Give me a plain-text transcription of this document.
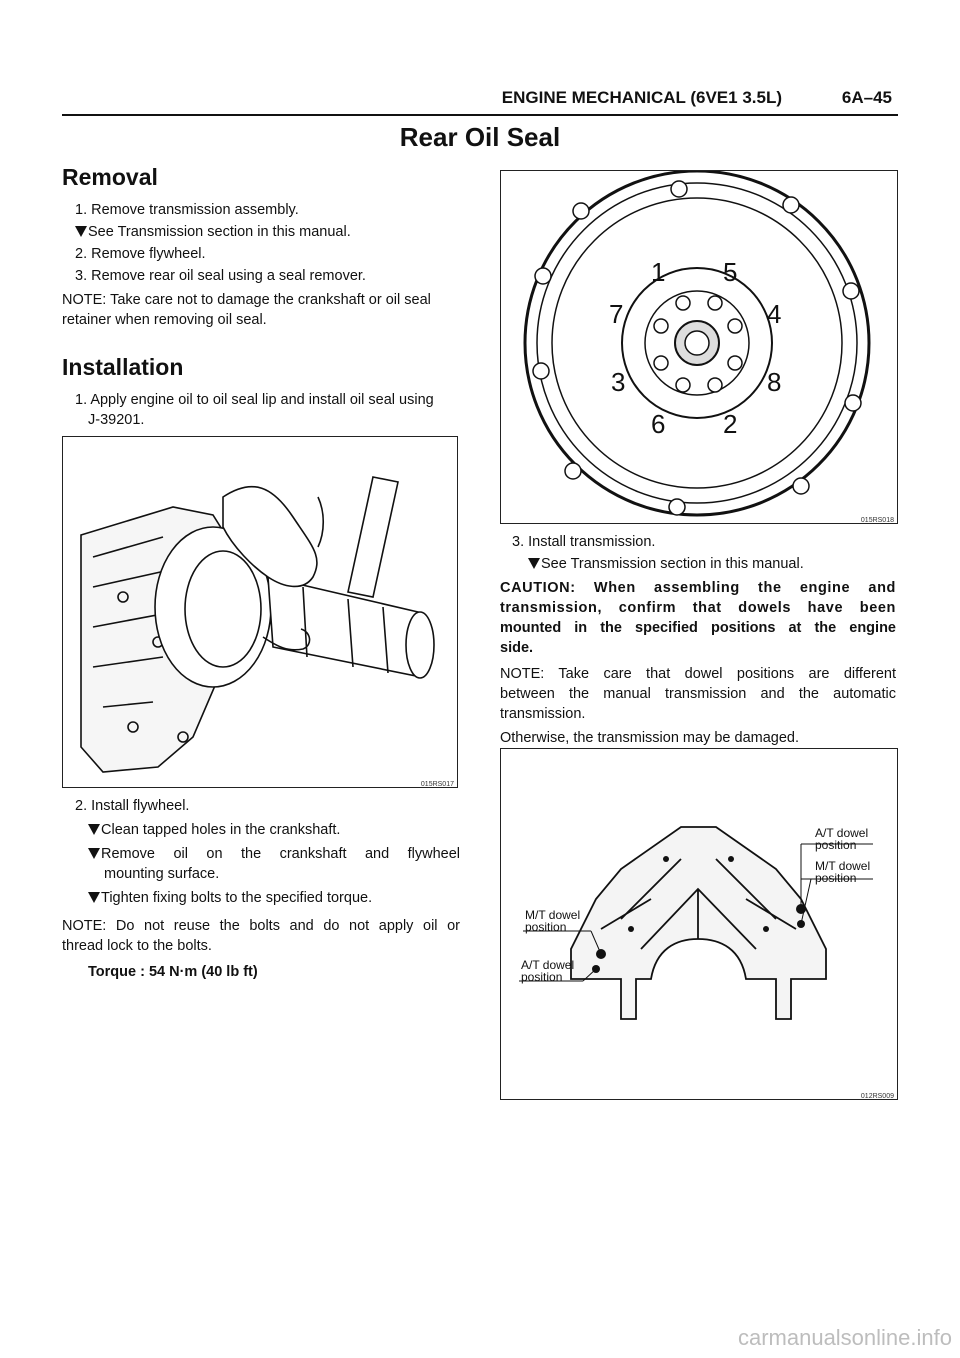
ENGINE MECHANICAL (6VE1 3.5L)	6A–45
Rear Oil Seal
Removal
1. Remove transmission assembly.
See Transmission section in this manual.
2. Remove flywheel.
3. Remove rear oil seal using a seal remover.
NOTE: Take care not to damage the crankshaft or oil seal
retainer when removing oil seal.
Installation
1. Apply engine oil to oil seal lip and install oil seal using
J-39201.
015RS017
2. Install flywheel.
Clean tapped holes in the crankshaft.
Remove oil on the crankshaft and flywheel
mounting surface.
Tighten fixing bolts to the specified torque.
NOTE: Do not reuse the bolts and do not apply oil or
thread lock to the bolts.
Torque : 54 N·m (40 lb ft)
1 5
7	4
3	8
6 2
015RS018
3. Install transmission.
See Transmission section in this manual.
CAUTION: When assembling the engine and
transmission, confirm that dowels have been
mounted in the specified positions at the engine
side.
NOTE: Take care that dowel positions are different
between the manual transmission and the automatic
transmission.
Otherwise, the transmission may be damaged.
A/T dowel
position
M/T dowel
position
M/T dowel
position
A/T dowel
position
012RS009
carmanualsonline.info
